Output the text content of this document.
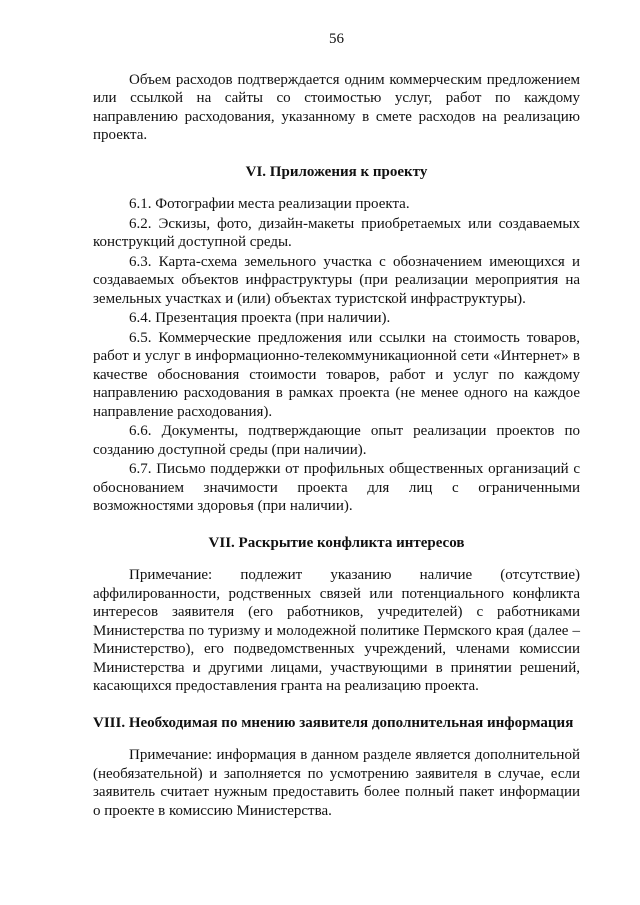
56

Объем расходов подтверждается одним коммерческим предложением или ссылкой на сайты со стоимостью услуг, работ по каждому направлению расходования, указанному в смете расходов на реализацию проекта.

VI. Приложения к проекту

6.1. Фотографии места реализации проекта.

6.2. Эскизы, фото, дизайн-макеты приобретаемых или создаваемых конструкций доступной среды.

6.3. Карта-схема земельного участка с обозначением имеющихся и создаваемых объектов инфраструктуры (при реализации мероприятия на земельных участках и (или) объектах туристской инфраструктуры).

6.4. Презентация проекта (при наличии).

6.5. Коммерческие предложения или ссылки на стоимость товаров, работ и услуг в информационно-телекоммуникационной сети «Интернет» в качестве обоснования стоимости товаров, работ и услуг по каждому направлению расходования в рамках проекта (не менее одного на каждое направление расходования).

6.6. Документы, подтверждающие опыт реализации проектов по созданию доступной среды (при наличии).

6.7. Письмо поддержки от профильных общественных организаций с обоснованием значимости проекта для лиц с ограниченными возможностями здоровья (при наличии).

VII. Раскрытие конфликта интересов

Примечание: подлежит указанию наличие (отсутствие) аффилированности, родственных связей или потенциального конфликта интересов заявителя (его работников, учредителей) с работниками Министерства по туризму и молодежной политике Пермского края (далее – Министерство), его подведомственных учреждений, членами комиссии Министерства и другими лицами, участвующими в принятии решений, касающихся предоставления гранта на реализацию проекта.

VIII. Необходимая по мнению заявителя дополнительная информация

Примечание: информация в данном разделе является дополнительной (необязательной) и заполняется по усмотрению заявителя в случае, если заявитель считает нужным предоставить более полный пакет информации о проекте в комиссию Министерства.
